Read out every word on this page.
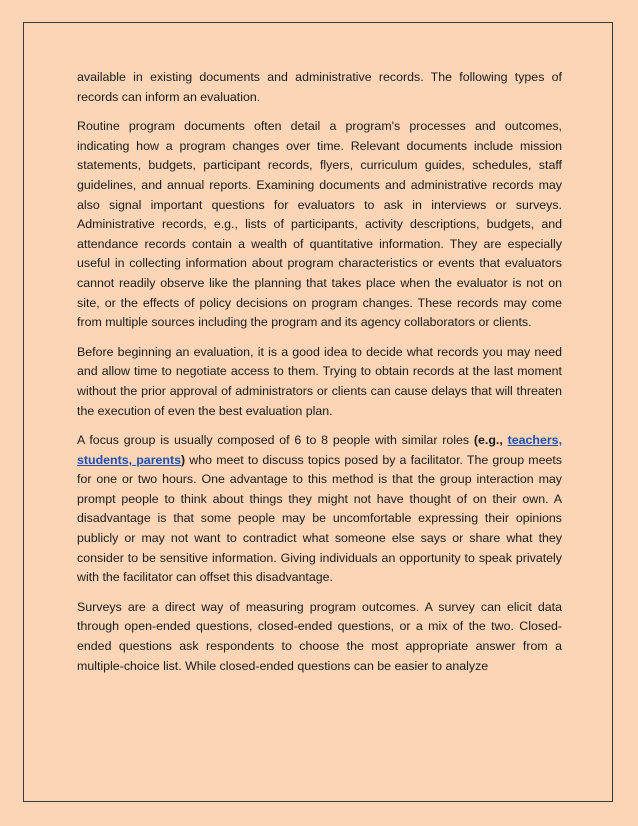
available in existing documents and administrative records. The following types of records can inform an evaluation.

Routine program documents often detail a program's processes and outcomes, indicating how a program changes over time. Relevant documents include mission statements, budgets, participant records, flyers, curriculum guides, schedules, staff guidelines, and annual reports. Examining documents and administrative records may also signal important questions for evaluators to ask in interviews or surveys. Administrative records, e.g., lists of participants, activity descriptions, budgets, and attendance records contain a wealth of quantitative information. They are especially useful in collecting information about program characteristics or events that evaluators cannot readily observe like the planning that takes place when the evaluator is not on site, or the effects of policy decisions on program changes. These records may come from multiple sources including the program and its agency collaborators or clients.

Before beginning an evaluation, it is a good idea to decide what records you may need and allow time to negotiate access to them. Trying to obtain records at the last moment without the prior approval of administrators or clients can cause delays that will threaten the execution of even the best evaluation plan.

A focus group is usually composed of 6 to 8 people with similar roles (e.g., teachers, students, parents) who meet to discuss topics posed by a facilitator. The group meets for one or two hours. One advantage to this method is that the group interaction may prompt people to think about things they might not have thought of on their own. A disadvantage is that some people may be uncomfortable expressing their opinions publicly or may not want to contradict what someone else says or share what they consider to be sensitive information. Giving individuals an opportunity to speak privately with the facilitator can offset this disadvantage.

Surveys are a direct way of measuring program outcomes. A survey can elicit data through open-ended questions, closed-ended questions, or a mix of the two. Closed-ended questions ask respondents to choose the most appropriate answer from a multiple-choice list. While closed-ended questions can be easier to analyze
